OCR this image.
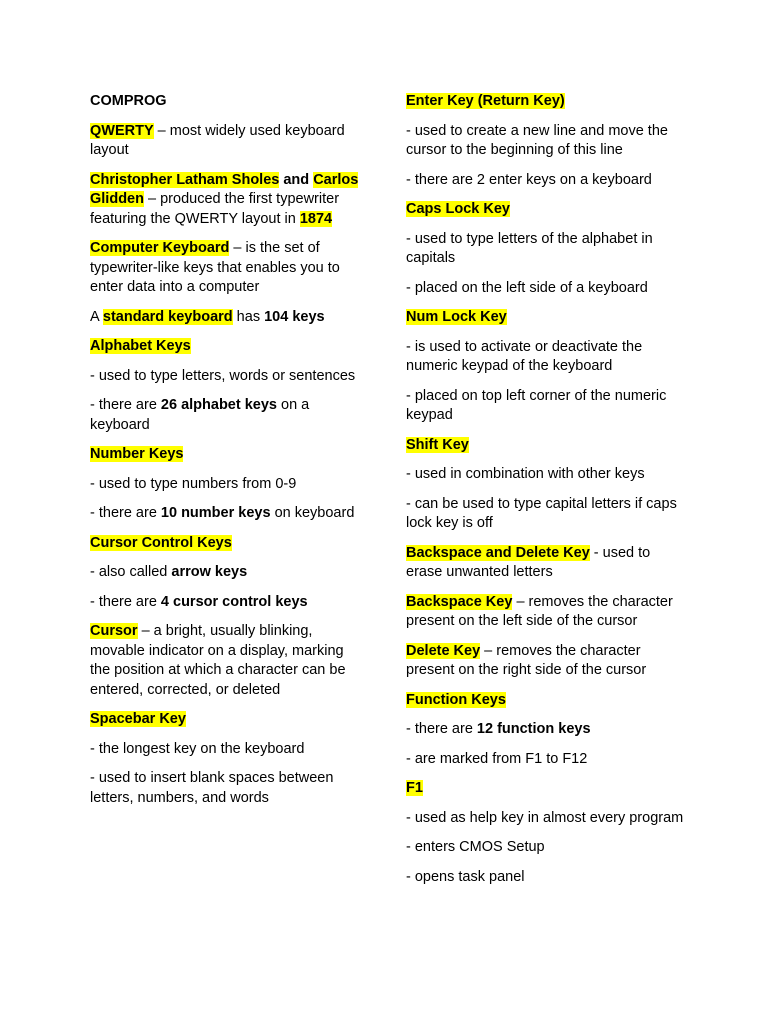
COMPROG

QWERTY – most widely used keyboard layout

Christopher Latham Sholes and Carlos Glidden – produced the first typewriter featuring the QWERTY layout in 1874

Computer Keyboard – is the set of typewriter-like keys that enables you to enter data into a computer

A standard keyboard has 104 keys

Alphabet Keys

- used to type letters, words or sentences

- there are 26 alphabet keys on a keyboard

Number Keys

- used to type numbers from 0-9

- there are 10 number keys on keyboard

Cursor Control Keys

- also called arrow keys

- there are 4 cursor control keys

Cursor – a bright, usually blinking, movable indicator on a display, marking the position at which a character can be entered, corrected, or deleted

Spacebar Key

- the longest key on the keyboard

- used to insert blank spaces between letters, numbers, and words

Enter Key (Return Key)

- used to create a new line and move the cursor to the beginning of this line

- there are 2 enter keys on a keyboard

Caps Lock Key

- used to type letters of the alphabet in capitals

- placed on the left side of a keyboard

Num Lock Key

- is used to activate or deactivate the numeric keypad of the keyboard

- placed on top left corner of the numeric keypad

Shift Key

- used in combination with other keys

- can be used to type capital letters if caps lock key is off

Backspace and Delete Key - used to erase unwanted letters

Backspace Key – removes the character present on the left side of the cursor

Delete Key – removes the character present on the right side of the cursor

Function Keys

- there are 12 function keys

- are marked from F1 to F12

F1

- used as help key in almost every program

- enters CMOS Setup

- opens task panel
